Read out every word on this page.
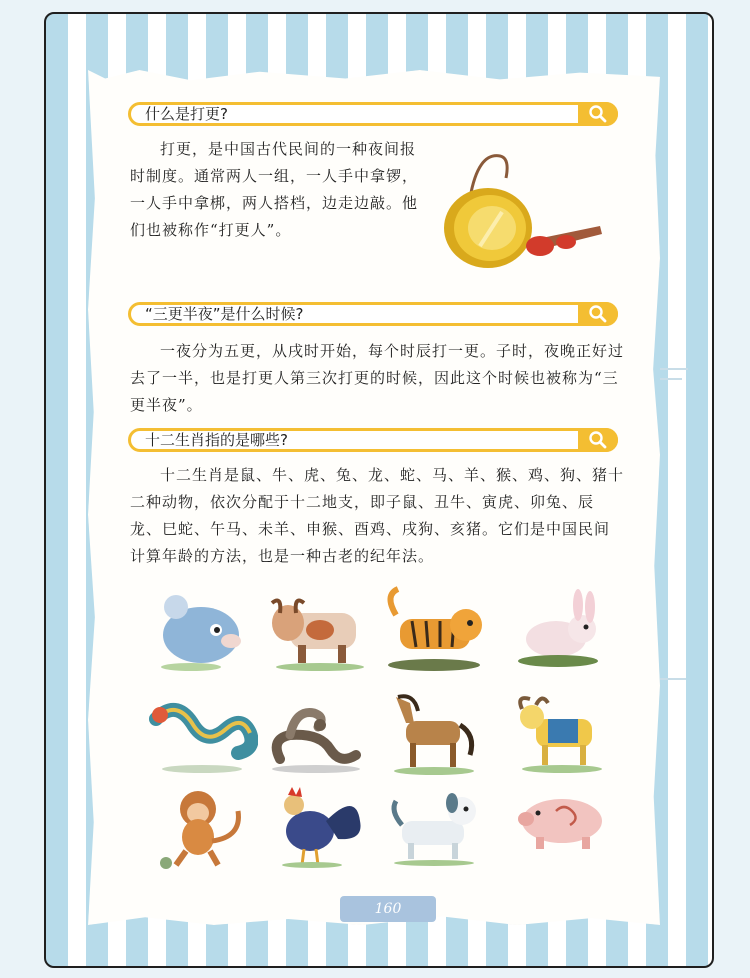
什么是打更?

打更，是中国古代民间的一种夜间报时制度。通常两人一组，一人手中拿锣，一人手中拿梆，两人搭档，边走边敲。他们也被称作“打更人”。

“三更半夜”是什么时候?

一夜分为五更，从戌时开始，每个时辰打一更。子时，夜晚正好过去了一半，也是打更人第三次打更的时候，因此这个时候也被称为“三更半夜”。

十二生肖指的是哪些?

十二生肖是鼠、牛、虎、兔、龙、蛇、马、羊、猴、鸡、狗、猪十二种动物，依次分配于十二地支，即子鼠、丑牛、寅虎、卯兔、辰龙、巳蛇、午马、未羊、申猴、酉鸡、戌狗、亥猪。它们是中国民间计算年龄的方法，也是一种古老的纪年法。

160
